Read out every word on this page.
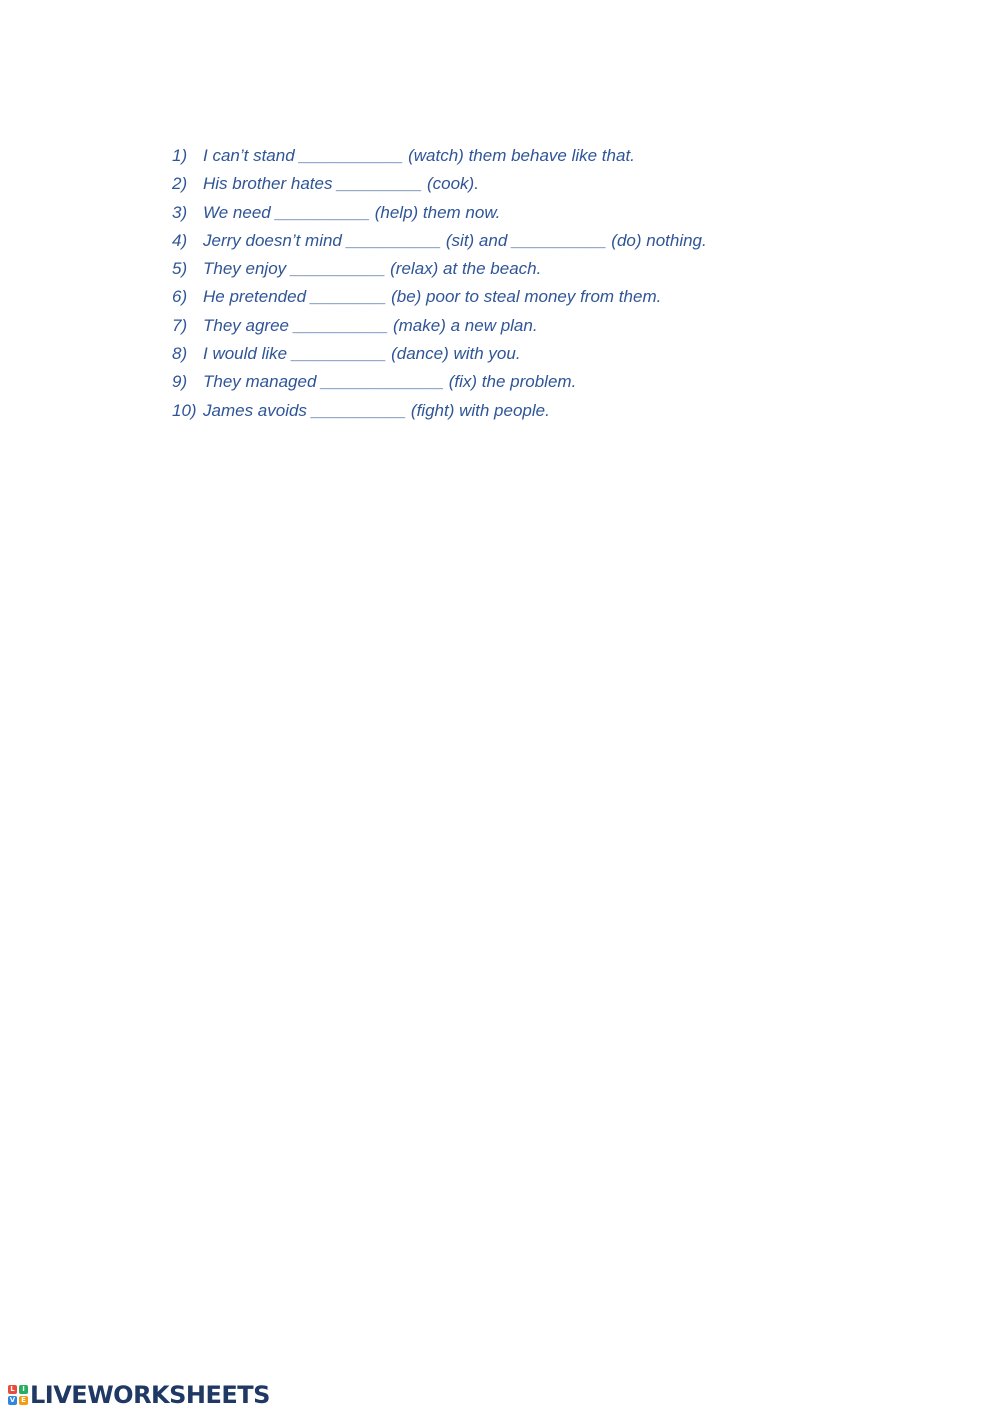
1) I can’t stand ___________ (watch) them behave like that.
2) His brother hates _________ (cook).
3) We need __________ (help) them now.
4) Jerry doesn’t mind __________ (sit) and __________ (do) nothing.
5) They enjoy __________ (relax) at the beach.
6) He pretended ________ (be) poor to steal money from them.
7) They agree __________ (make) a new plan.
8) I would like __________ (dance) with you.
9) They managed _____________ (fix) the problem.
10) James avoids __________ (fight) with people.
L	I
V E LIVEWORKSHEETS
